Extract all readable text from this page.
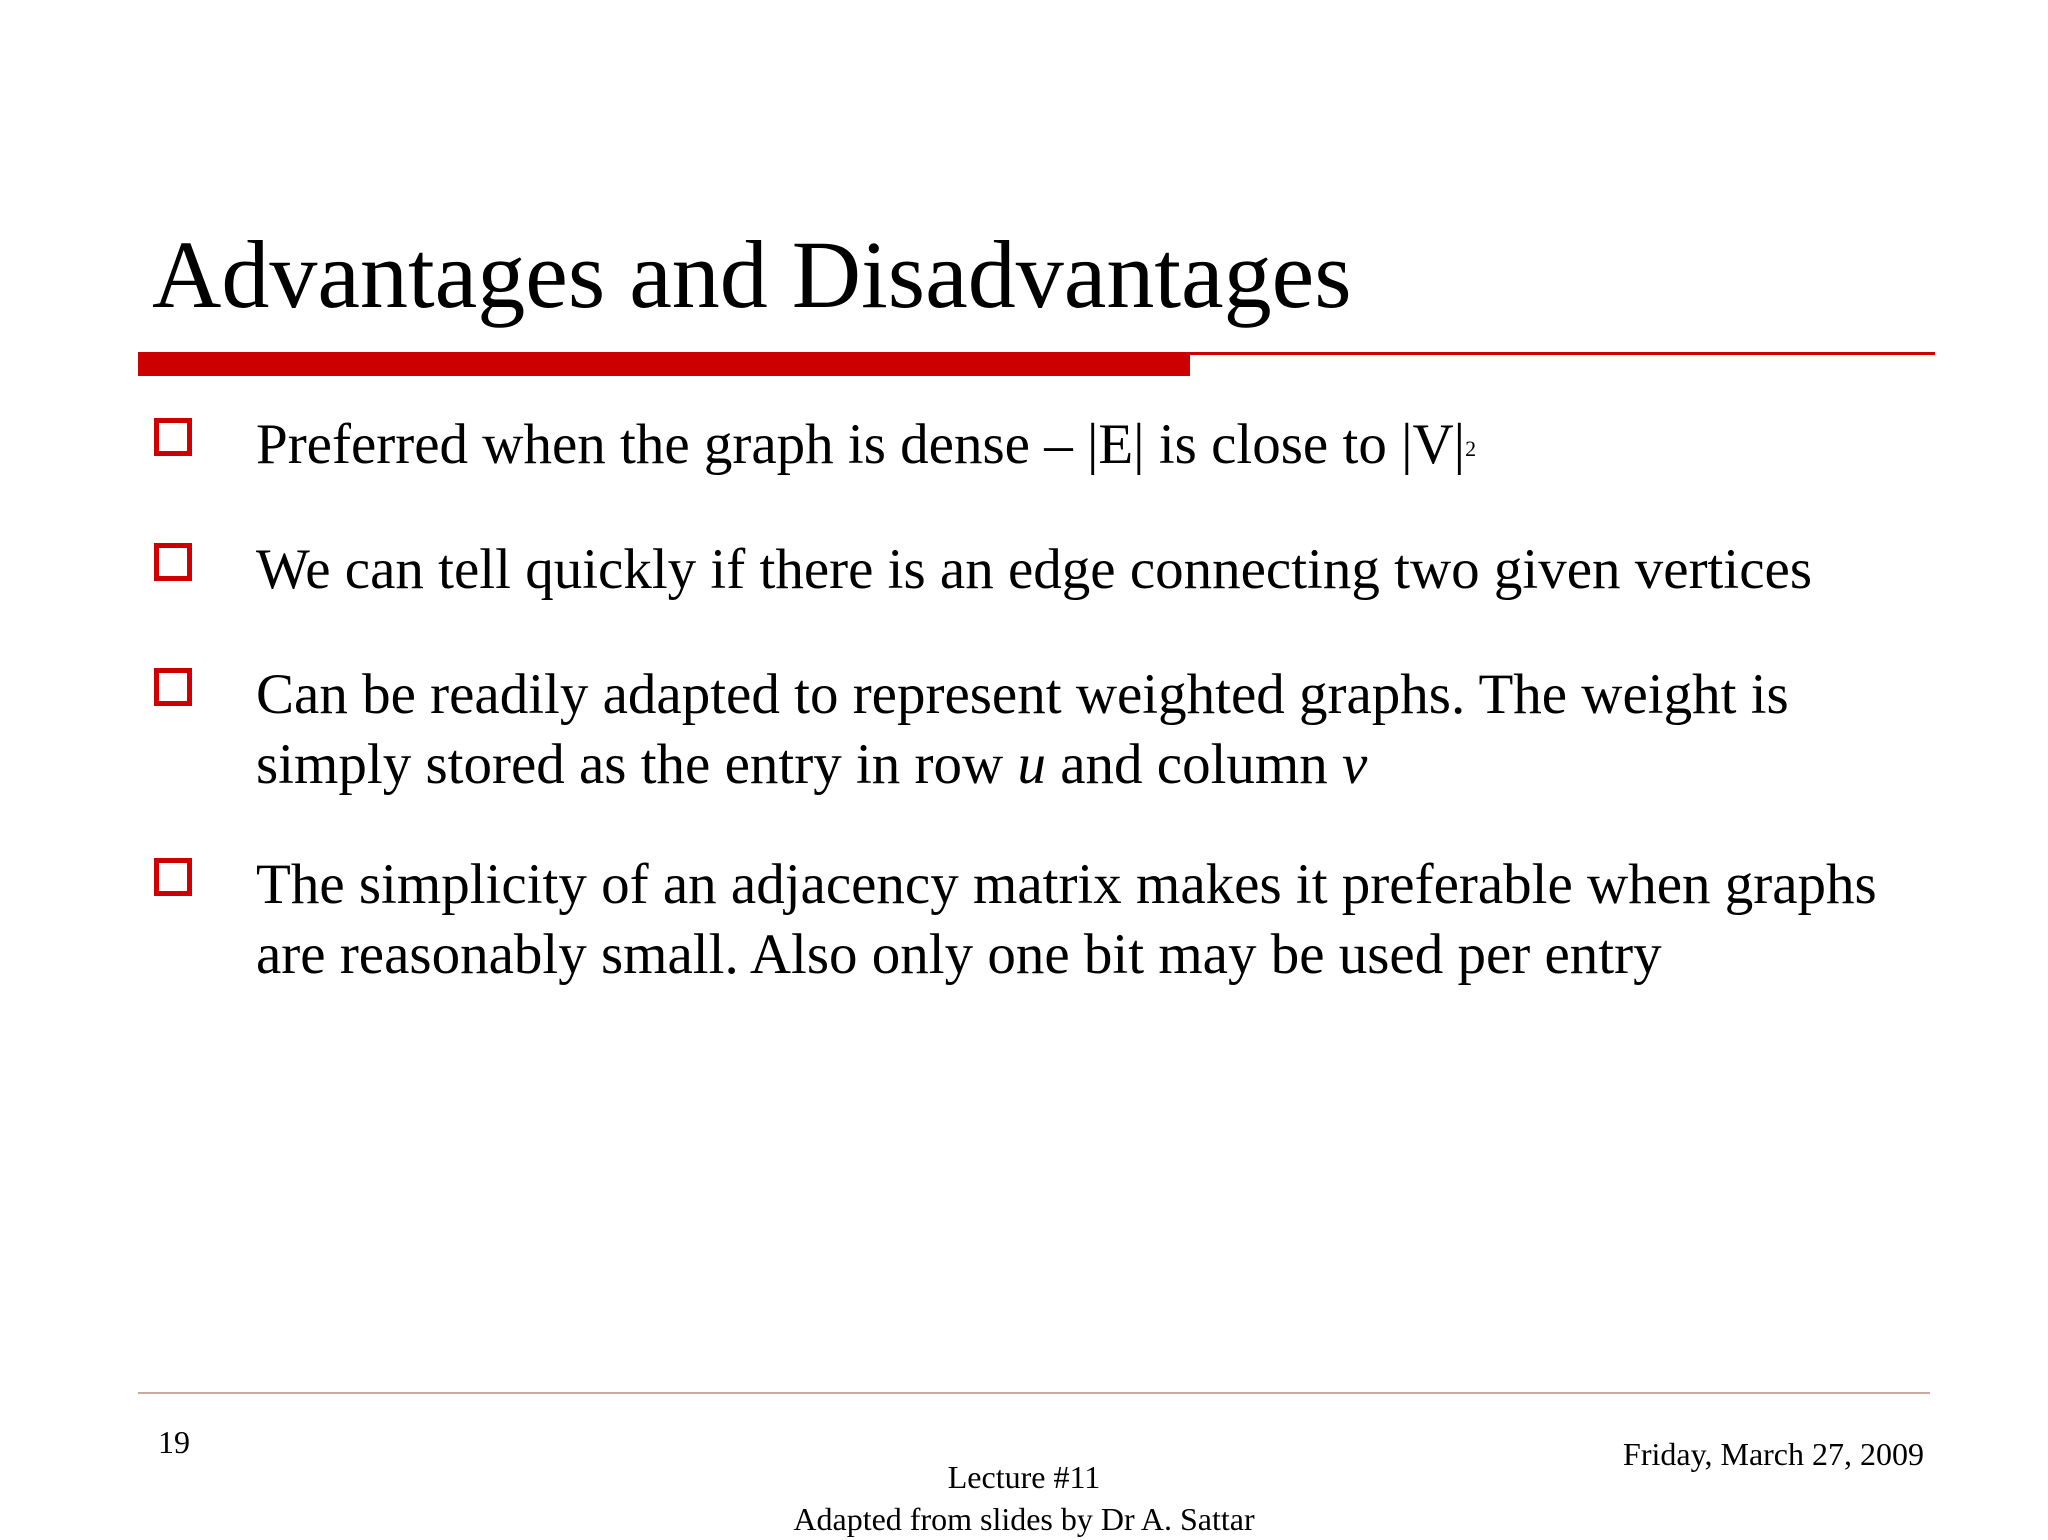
Advantages and Disadvantages
Preferred when the graph is dense – |E| is close to $|V|^2$
We can tell quickly if there is an edge connecting two given vertices
Can be readily adapted to represent weighted graphs. The weight is
simply stored as the entry in row u and column v
The simplicity of an adjacency matrix makes it preferable when graphs
are reasonably small. Also only one bit may be used per entry
19
Lecture #11
Adapted from slides by Dr A. Sattar
Friday, March 27, 2009
